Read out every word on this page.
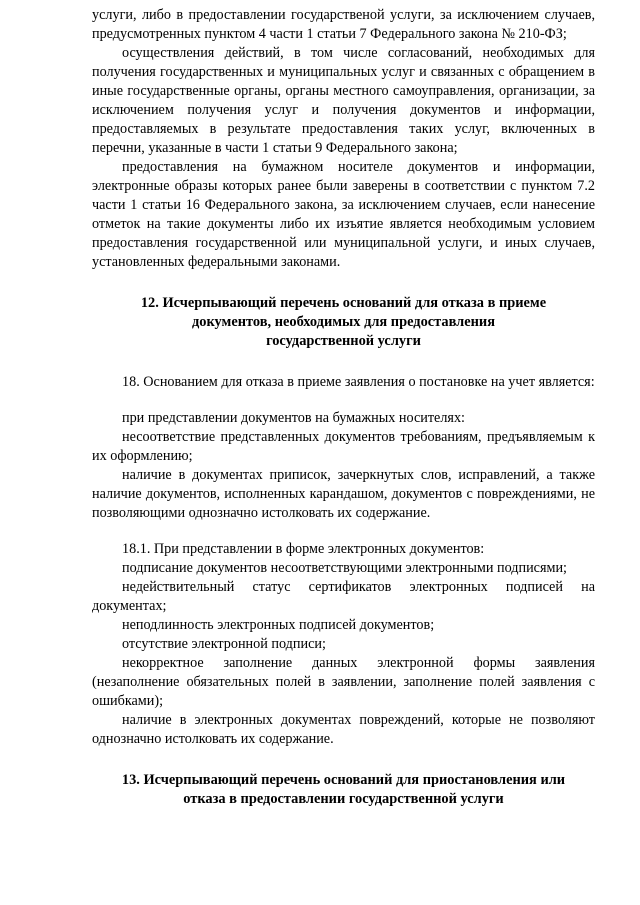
услуги, либо в предоставлении государственой услуги, за исключением случаев, предусмотренных пунктом 4 части 1 статьи 7 Федерального закона № 210-ФЗ;

осуществления действий, в том числе согласований, необходимых для получения государственных и муниципальных услуг и связанных с обращением в иные государственные органы, органы местного самоуправления, организации, за исключением получения услуг и получения документов и информации, предоставляемых в результате предоставления таких услуг, включенных в перечни, указанные в части 1 статьи 9 Федерального закона;

предоставления на бумажном носителе документов и информации, электронные образы которых ранее были заверены в соответствии с пунктом 7.2 части 1 статьи 16 Федерального закона, за исключением случаев, если нанесение отметок на такие документы либо их изъятие является необходимым условием предоставления государственной или муниципальной услуги, и иных случаев, установленных федеральными законами.

12. Исчерпывающий перечень оснований для отказа в приеме

документов, необходимых для предоставления

государственной услуги

18. Основанием для отказа в приеме заявления о постановке на учет является:

при представлении документов на бумажных носителях:

несоответствие представленных документов требованиям, предъявляемым к их оформлению;

наличие в документах приписок, зачеркнутых слов, исправлений, а также наличие документов, исполненных карандашом, документов с повреждениями, не позволяющими однозначно истолковать их содержание.

18.1. При представлении в форме электронных документов:

подписание документов несоответствующими электронными подписями;

недействительный статус сертификатов электронных подписей на документах;

неподлинность электронных подписей документов;

отсутствие электронной подписи;

некорректное заполнение данных электронной формы заявления (незаполнение обязательных полей в заявлении, заполнение полей заявления с ошибками);

наличие в электронных документах повреждений, которые не позволяют однозначно истолковать их содержание.

13. Исчерпывающий перечень оснований для приостановления или

отказа в предоставлении государственной услуги
